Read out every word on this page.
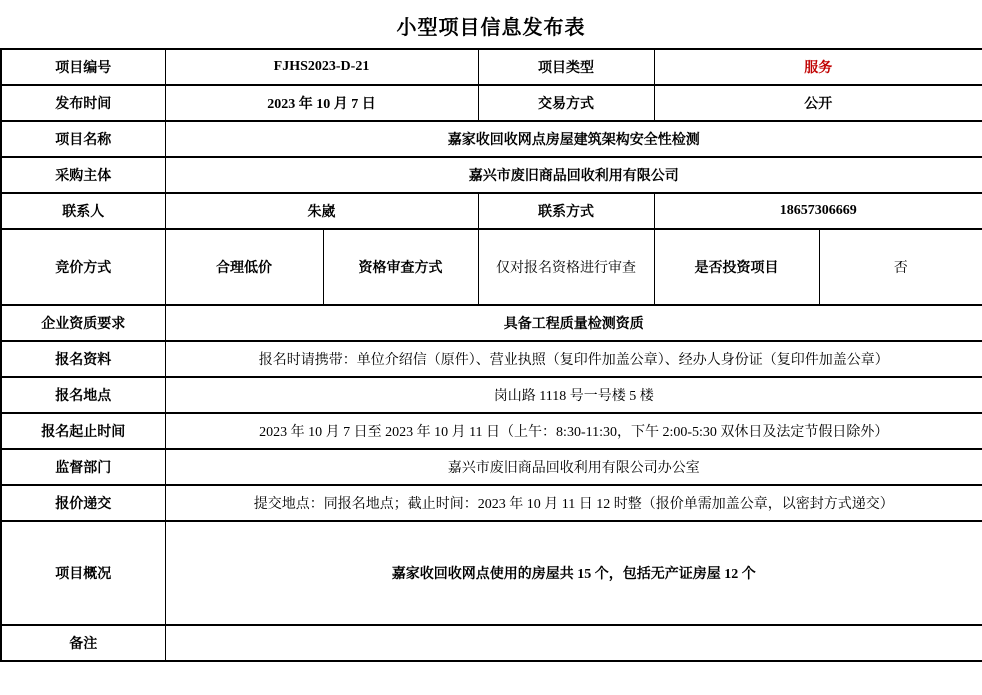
小型项目信息发布表
项目编号	FJHS2023-D-21		项目类型	服务	
发布时间	2023 年 10 月 7 日		交易方式	公开	
项目名称	嘉家收回收网点房屋建筑架构安全性检测				
采购主体	嘉兴市废旧商品回收利用有限公司				
联系人	朱崴		联系方式	18657306669	
竞价方式	合理低价	资格审查方式	仅对报名资格进行审查	是否投资项目	否
企业资质要求	具备工程质量检测资质				
报名资料	报名时请携带：单位介绍信（原件）、营业执照（复印件加盖公章）、经办人身份证（复印件加盖公章）				
报名地点	岗山路 1118 号一号楼 5 楼				
报名起止时间	2023 年 10 月 7 日至 2023 年 10 月 11 日（上午：8:30-11:30，下午 2:00-5:30 双休日及法定节假日除外）				
监督部门	嘉兴市废旧商品回收利用有限公司办公室				
报价递交	提交地点：同报名地点；截止时间：2023 年 10 月 11 日 12 时整（报价单需加盖公章，以密封方式递交）				
项目概况	嘉家收回收网点使用的房屋共 15 个，包括无产证房屋 12 个				
备注					
